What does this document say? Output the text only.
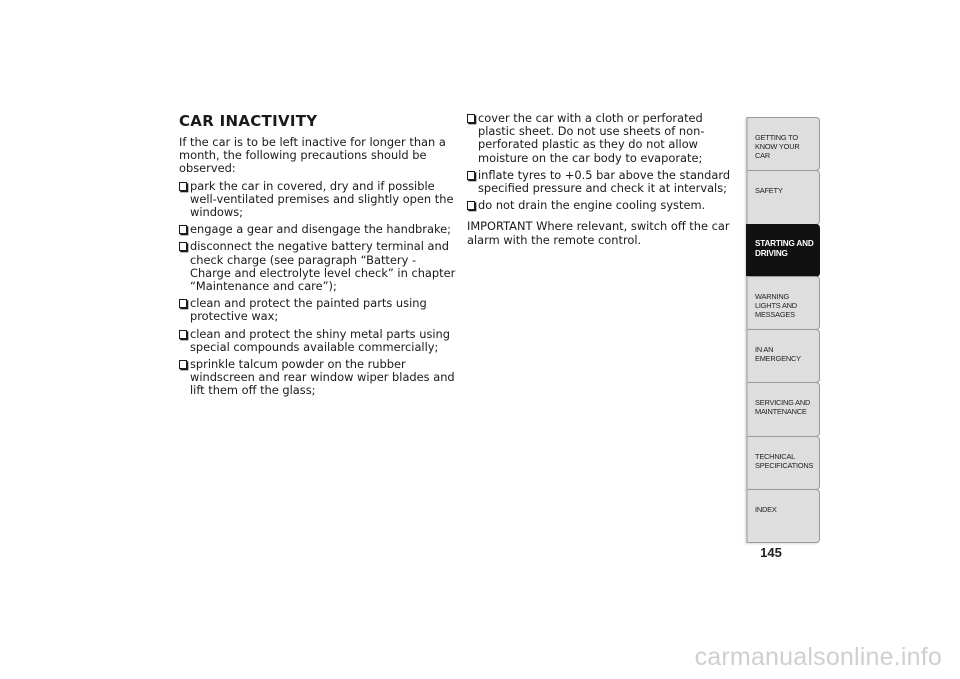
CAR INACTIVITY

If the car is to be left inactive for longer than a month, the following precautions should be observed:

park the car in covered, dry and if possible well-ventilated premises and slightly open the windows;
engage a gear and disengage the handbrake;
disconnect the negative battery terminal and check charge (see paragraph “Battery - Charge and electrolyte level check” in chapter “Maintenance and care”);
clean and protect the painted parts using protective wax;
clean and protect the shiny metal parts using special compounds available commercially;
sprinkle talcum powder on the rubber windscreen and rear window wiper blades and lift them off the glass;
cover the car with a cloth or perforated plastic sheet. Do not use sheets of non-perforated plastic as they do not allow moisture on the car body to evaporate;
inflate tyres to +0.5 bar above the standard specified pressure and check it at intervals;
do not drain the engine cooling system.

IMPORTANT Where relevant, switch off the car alarm with the remote control.

GETTING TO KNOW YOUR CAR
SAFETY
STARTING AND DRIVING
WARNING LIGHTS AND MESSAGES
IN AN EMERGENCY
SERVICING AND MAINTENANCE
TECHNICAL SPECIFICATIONS
INDEX
145
carmanualsonline.info
